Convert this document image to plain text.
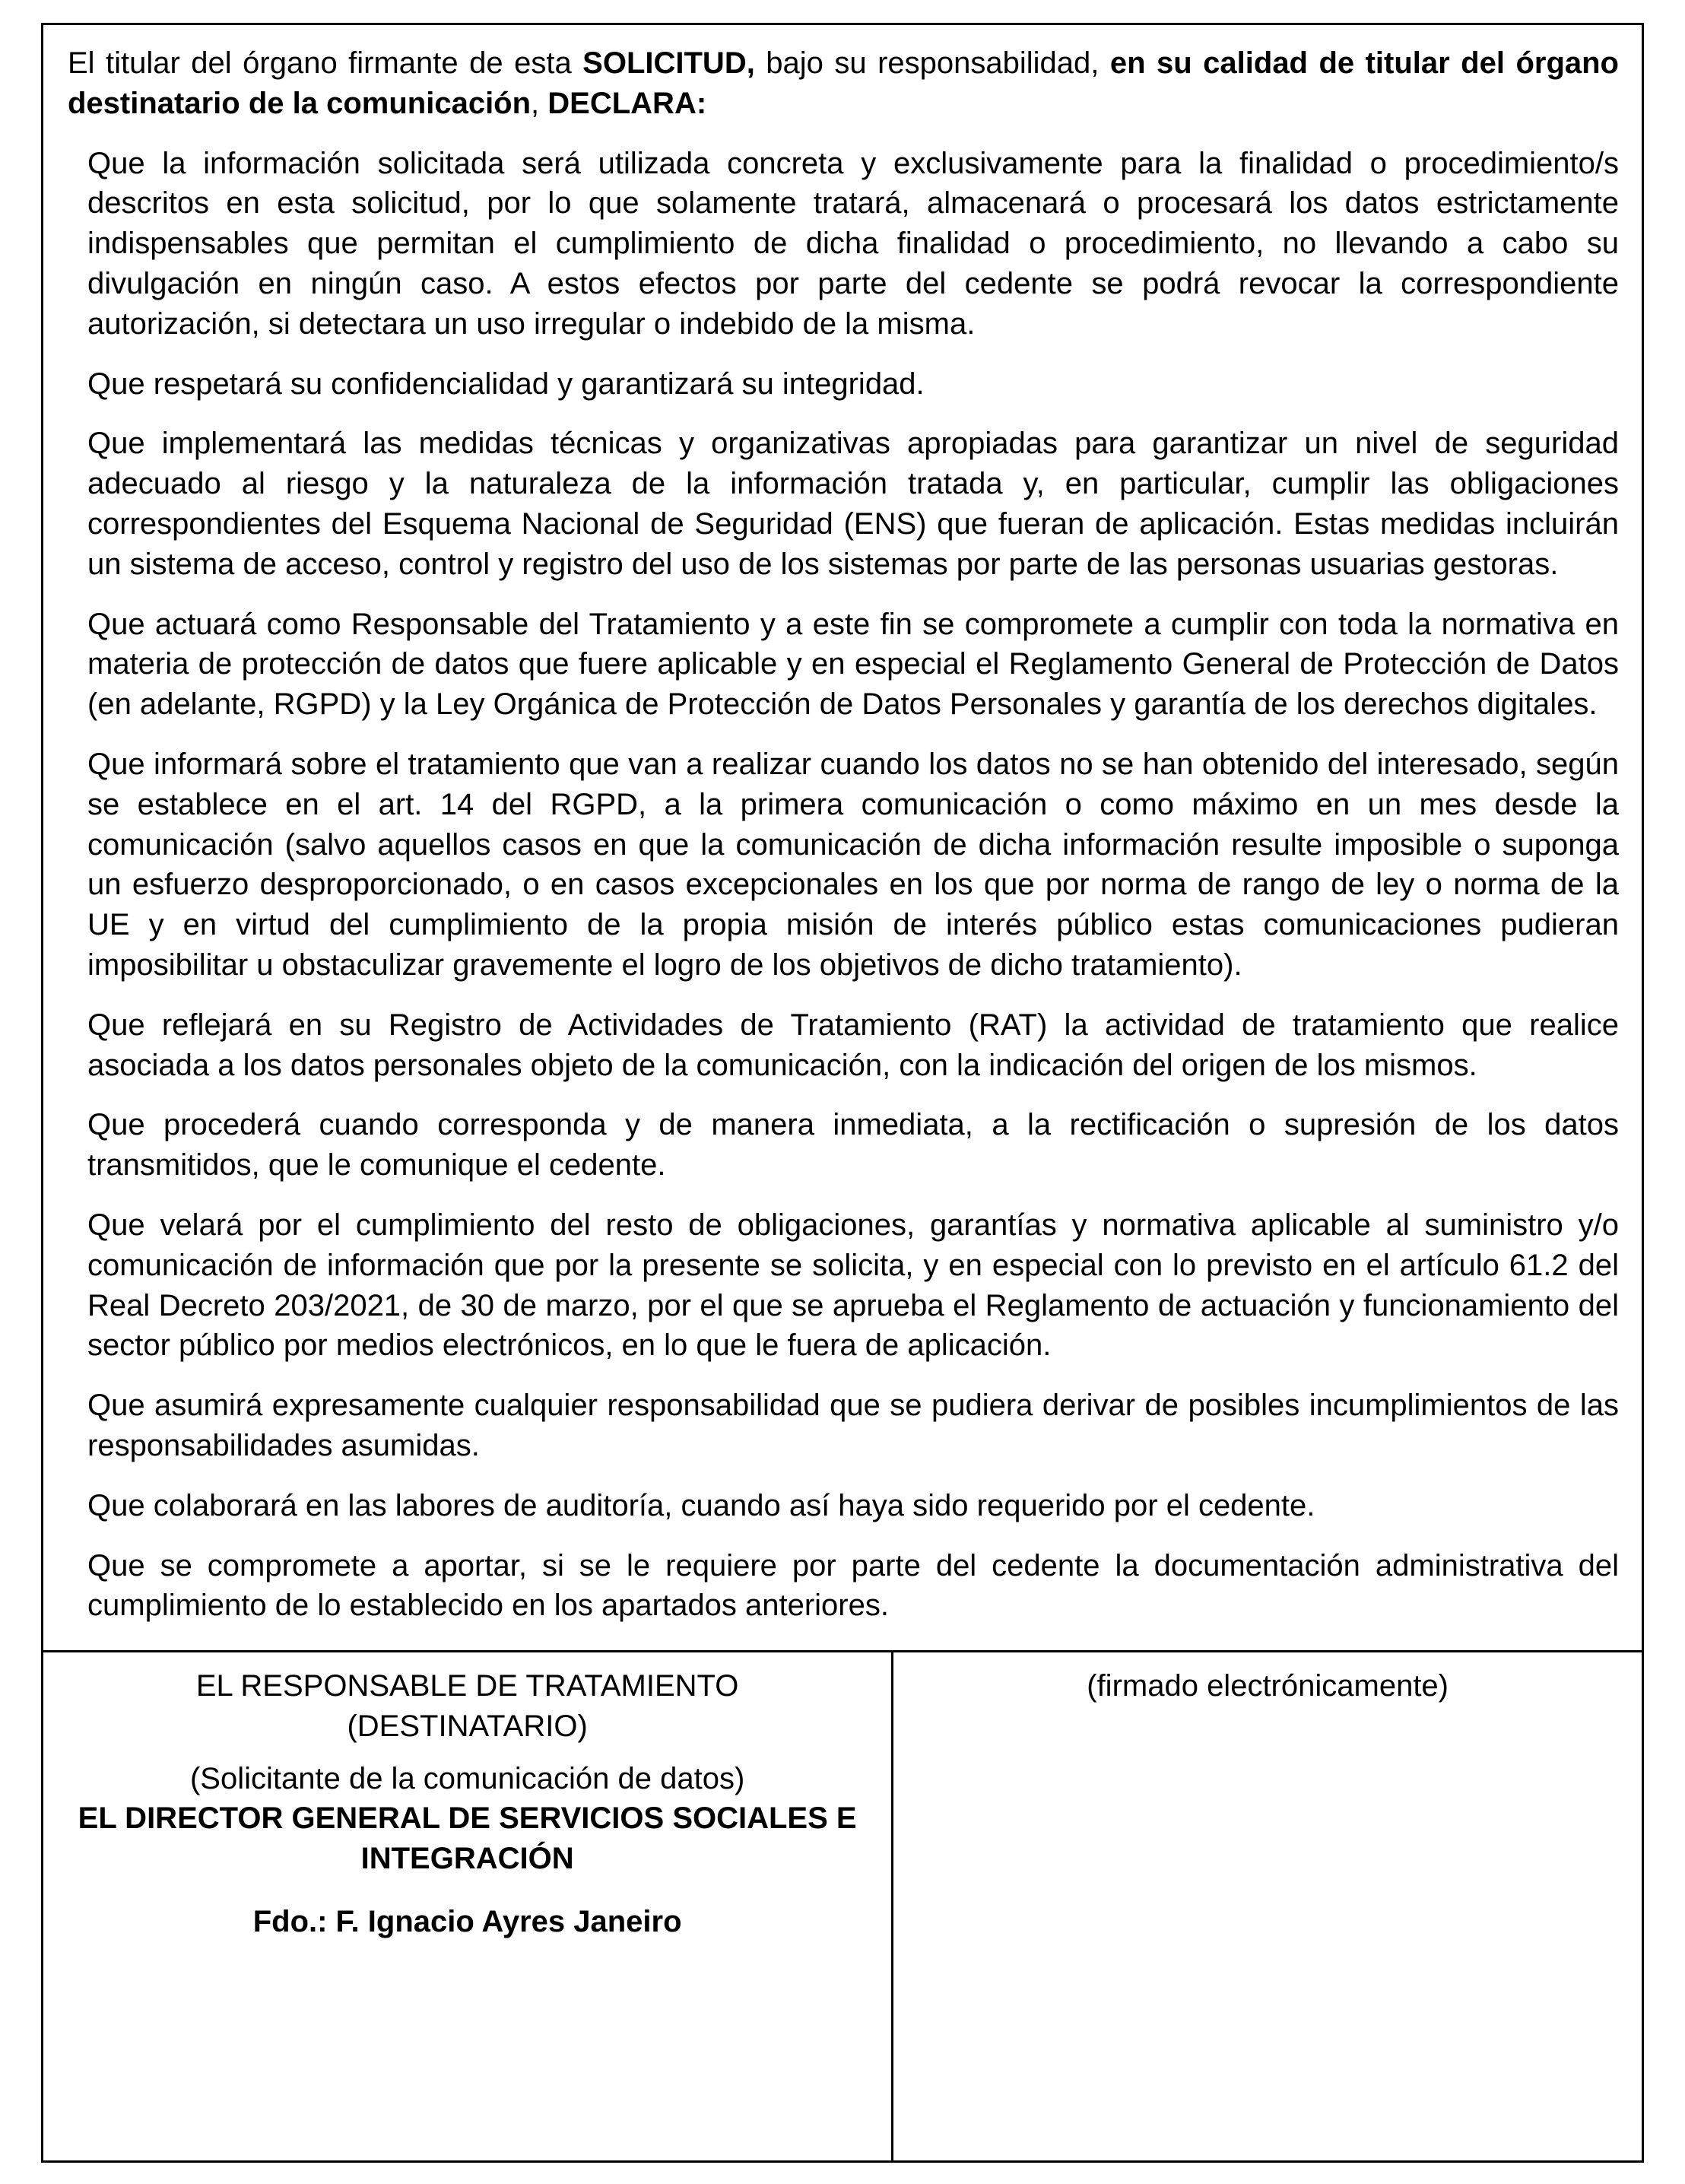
El titular del órgano firmante de esta SOLICITUD, bajo su responsabilidad, en su calidad de titular del órgano destinatario de la comunicación, DECLARA:

Que la información solicitada será utilizada concreta y exclusivamente para la finalidad o procedimiento/s descritos en esta solicitud, por lo que solamente tratará, almacenará o procesará los datos estrictamente indispensables que permitan el cumplimiento de dicha finalidad o procedimiento, no llevando a cabo su divulgación en ningún caso. A estos efectos por parte del cedente se podrá revocar la correspondiente autorización, si detectara un uso irregular o indebido de la misma.

Que respetará su confidencialidad y garantizará su integridad.

Que implementará las medidas técnicas y organizativas apropiadas para garantizar un nivel de seguridad adecuado al riesgo y la naturaleza de la información tratada y, en particular, cumplir las obligaciones correspondientes del Esquema Nacional de Seguridad (ENS) que fueran de aplicación. Estas medidas incluirán un sistema de acceso, control y registro del uso de los sistemas por parte de las personas usuarias gestoras.

Que actuará como Responsable del Tratamiento y a este fin se compromete a cumplir con toda la normativa en materia de protección de datos que fuere aplicable y en especial el Reglamento General de Protección de Datos (en adelante, RGPD) y la Ley Orgánica de Protección de Datos Personales y garantía de los derechos digitales.

Que informará sobre el tratamiento que van a realizar cuando los datos no se han obtenido del interesado, según se establece en el art. 14 del RGPD, a la primera comunicación o como máximo en un mes desde la comunicación (salvo aquellos casos en que la comunicación de dicha información resulte imposible o suponga un esfuerzo desproporcionado, o en casos excepcionales en los que por norma de rango de ley o norma de la UE y en virtud del cumplimiento de la propia misión de interés público estas comunicaciones pudieran imposibilitar u obstaculizar gravemente el logro de los objetivos de dicho tratamiento).

Que reflejará en su Registro de Actividades de Tratamiento (RAT) la actividad de tratamiento que realice asociada a los datos personales objeto de la comunicación, con la indicación del origen de los mismos.

Que procederá cuando corresponda y de manera inmediata, a la rectificación o supresión de los datos transmitidos, que le comunique el cedente.

Que velará por el cumplimiento del resto de obligaciones, garantías y normativa aplicable al suministro y/o comunicación de información que por la presente se solicita, y en especial con lo previsto en el artículo 61.2 del Real Decreto 203/2021, de 30 de marzo, por el que se aprueba el Reglamento de actuación y funcionamiento del sector público por medios electrónicos, en lo que le fuera de aplicación.

Que asumirá expresamente cualquier responsabilidad que se pudiera derivar de posibles incumplimientos de las responsabilidades asumidas.

Que colaborará en las labores de auditoría, cuando así haya sido requerido por el cedente.

Que se compromete a aportar, si se le requiere por parte del cedente la documentación administrativa del cumplimiento de lo establecido en los apartados anteriores.

EL RESPONSABLE DE TRATAMIENTO
(DESTINATARIO)
(Solicitante de la comunicación de datos)
EL DIRECTOR GENERAL DE SERVICIOS SOCIALES E INTEGRACIÓN
Fdo.: F. Ignacio Ayres Janeiro
(firmado electrónicamente)
